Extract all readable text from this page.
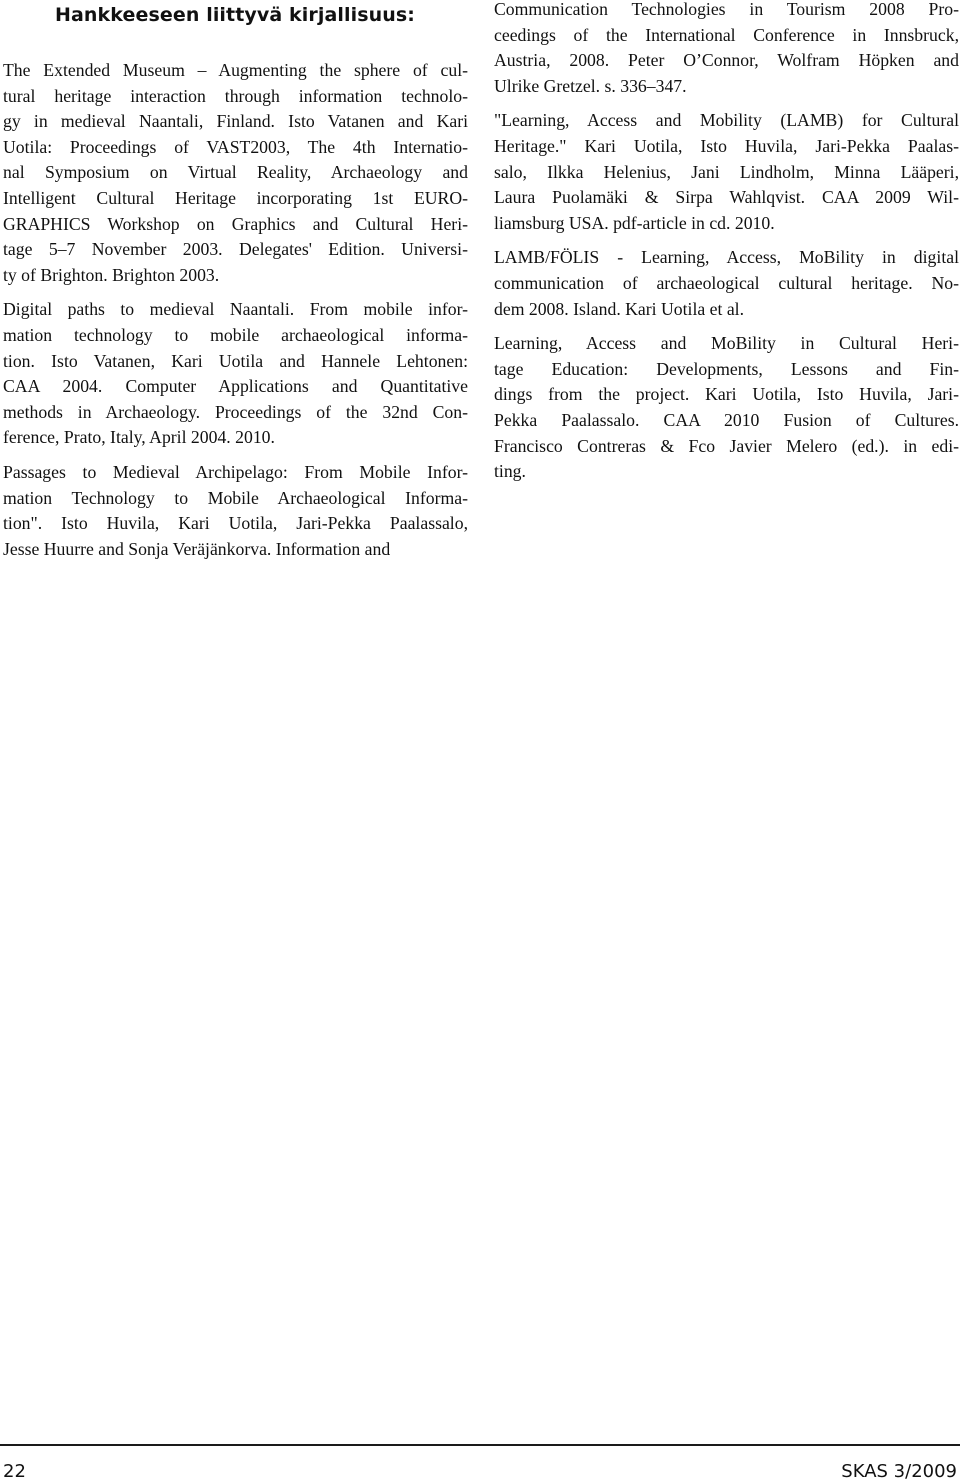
Hankkeeseen liittyvä kirjallisuus:
The Extended Museum – Augmenting the sphere of cul-
tural heritage interaction through information technolo-
gy in medieval Naantali, Finland. Isto Vatanen and Kari
Uotila: Proceedings of VAST2003, The 4th Internatio-
nal Symposium on Virtual Reality, Archaeology and
Intelligent Cultural Heritage incorporating 1st EURO-
GRAPHICS Workshop on Graphics and Cultural Heri-
tage 5–7 November 2003. Delegates' Edition. Universi-
ty of Brighton. Brighton 2003.
Digital paths to medieval Naantali. From mobile infor-
mation technology to mobile archaeological informa-
tion. Isto Vatanen, Kari Uotila and Hannele Lehtonen:
CAA 2004. Computer Applications and Quantitative
methods in Archaeology. Proceedings of the 32nd Con-
ference, Prato, Italy, April 2004. 2010.
Passages to Medieval Archipelago: From Mobile Infor-
mation Technology to Mobile Archaeological Informa-
tion". Isto Huvila, Kari Uotila, Jari-Pekka Paalassalo,
Jesse Huurre and Sonja Veräjänkorva. Information and
Communication Technologies in Tourism 2008 Pro-
ceedings of the International Conference in Innsbruck,
Austria, 2008. Peter O’Connor, Wolfram Höpken and
Ulrike Gretzel. s. 336–347.
"Learning, Access and Mobility (LAMB) for Cultural
Heritage." Kari Uotila, Isto Huvila, Jari-Pekka Paalas-
salo, Ilkka Helenius, Jani Lindholm, Minna Lääperi,
Laura Puolamäki & Sirpa Wahlqvist. CAA 2009 Wil-
liamsburg USA. pdf-article in cd. 2010.
LAMB/FÖLIS - Learning, Access, MoBility in digital
communication of archaeological cultural heritage. No-
dem 2008. Island. Kari Uotila et al.
Learning, Access and MoBility in Cultural Heri-
tage Education: Developments, Lessons and Fin-
dings from the project. Kari Uotila, Isto Huvila, Jari-
Pekka Paalassalo. CAA 2010 Fusion of Cultures.
Francisco Contreras & Fco Javier Melero (ed.). in edi-
ting.
22	SKAS 3/2009
